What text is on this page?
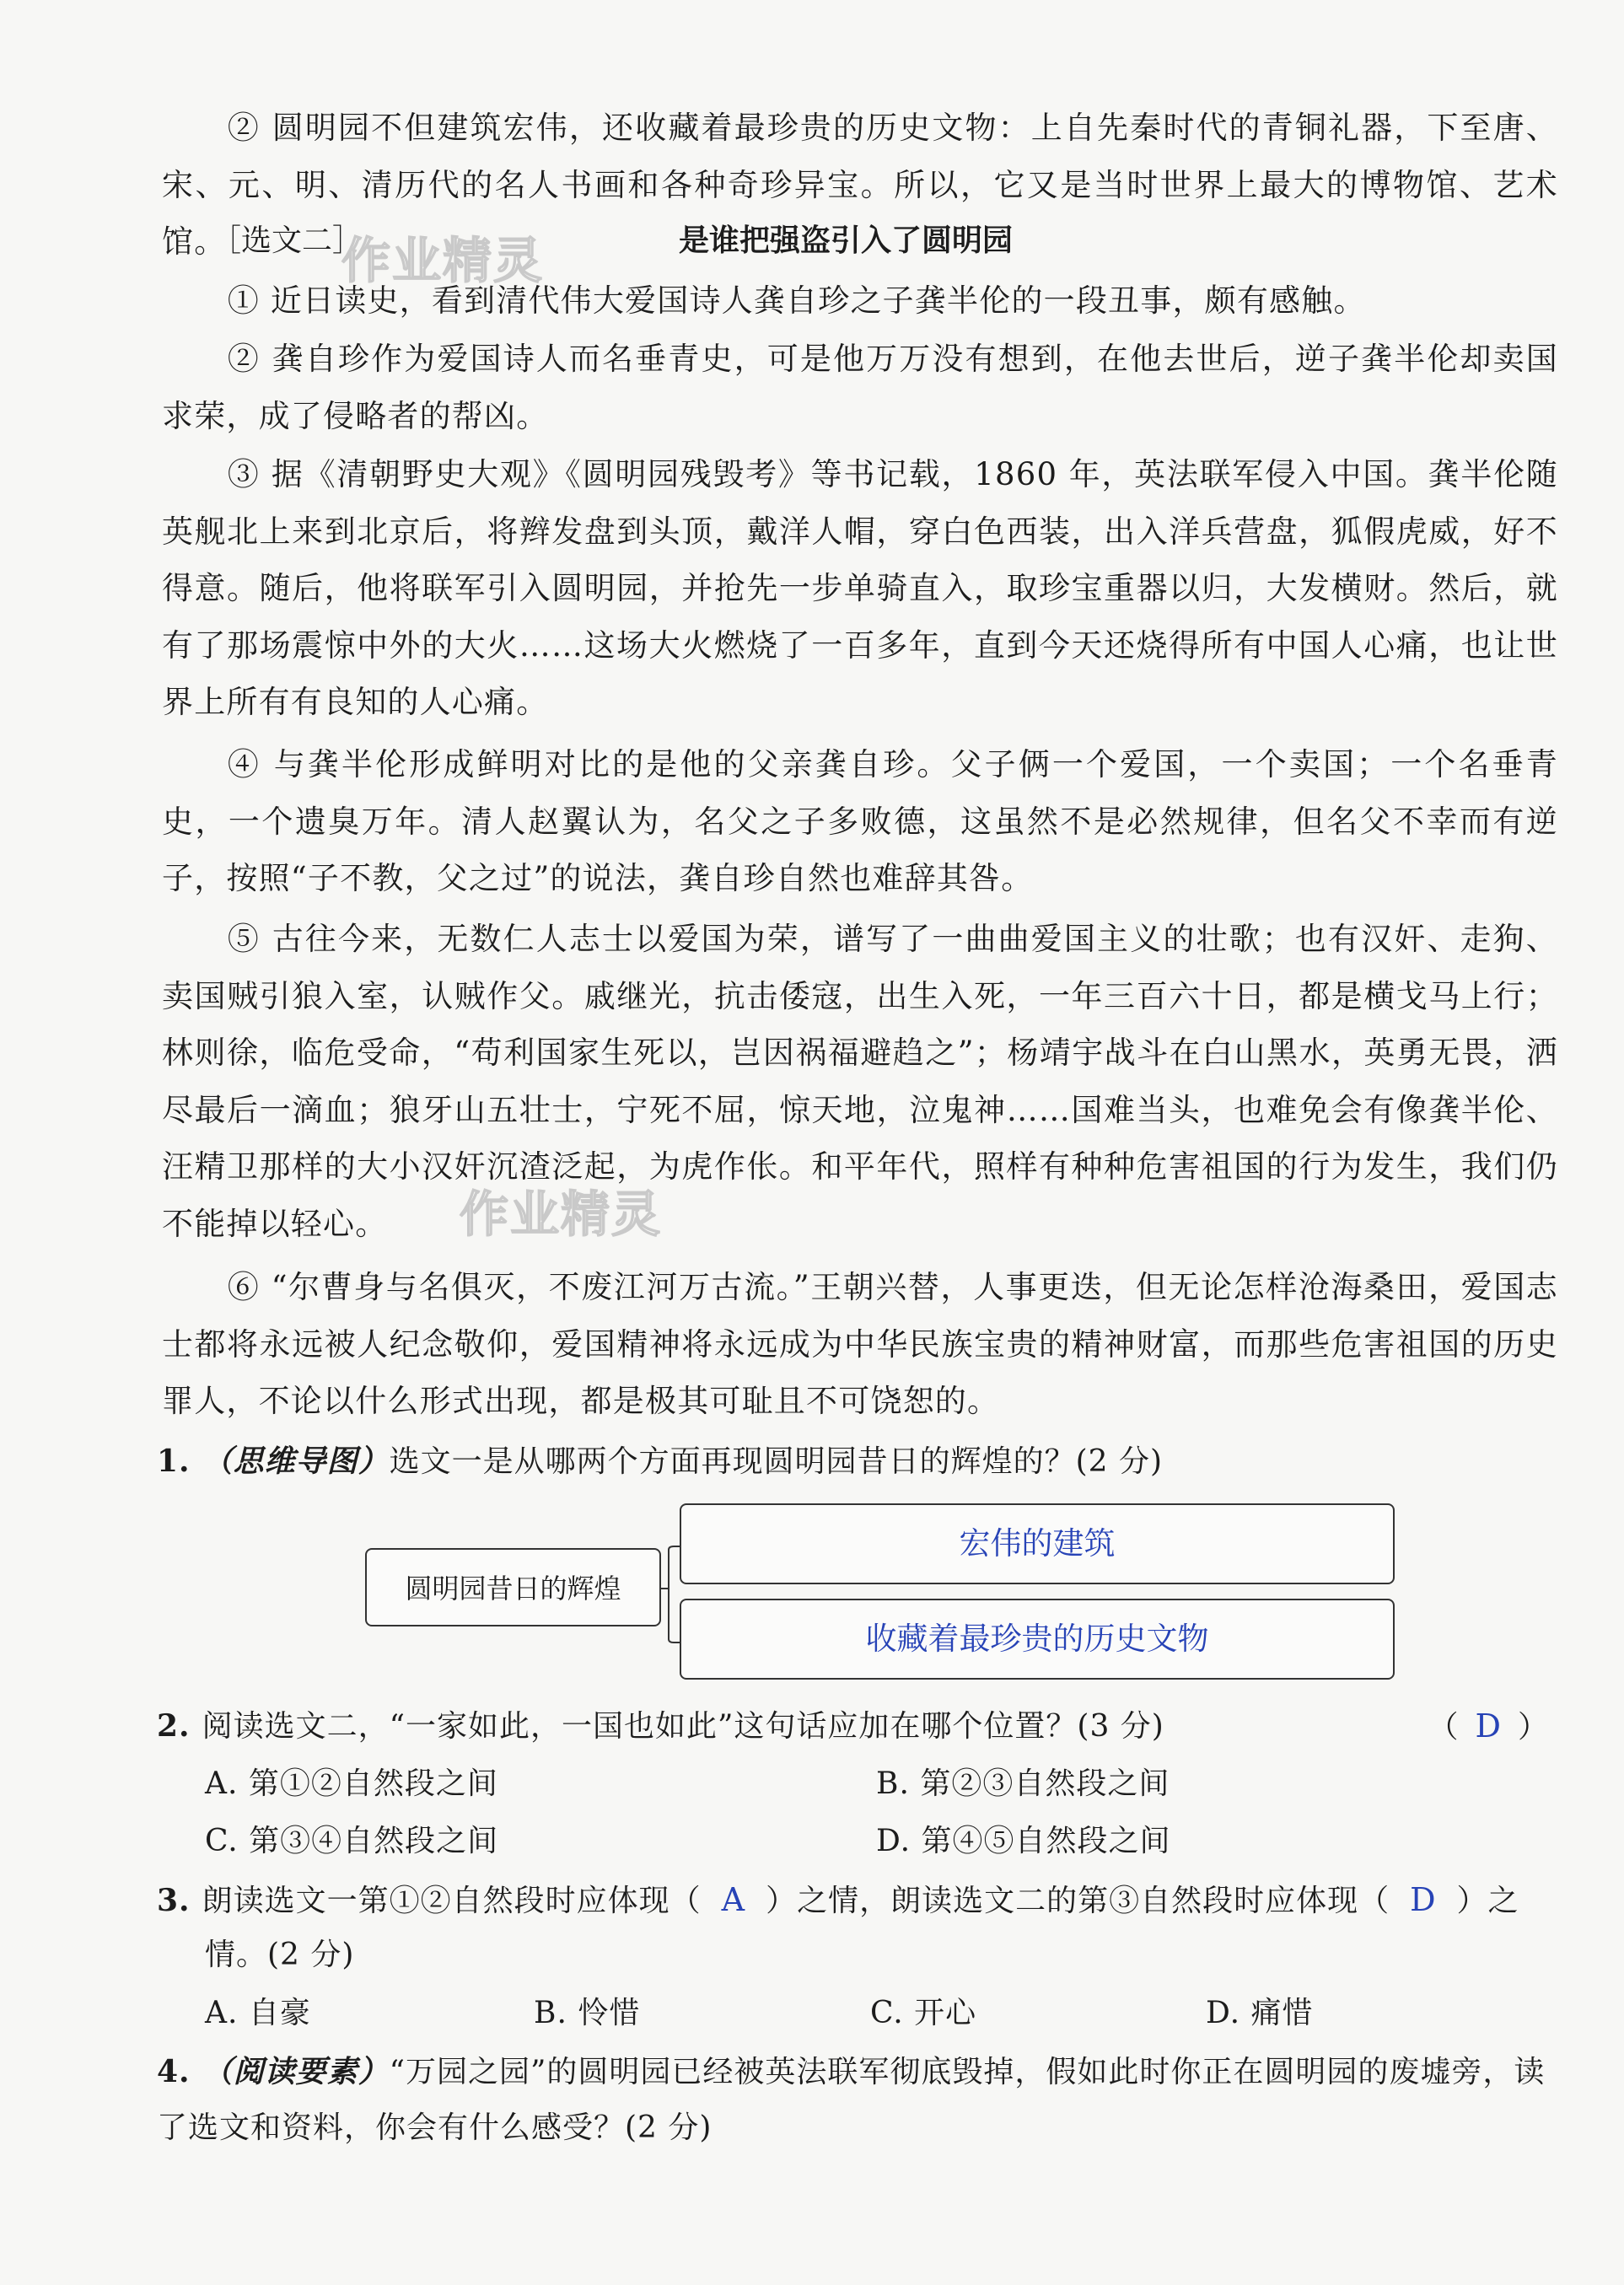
作业精灵
作业精灵

② 圆明园不但建筑宏伟，还收藏着最珍贵的历史文物：上自先秦时代的青铜礼器，下至唐、宋、元、明、清历代的名人书画和各种奇珍异宝。所以，它又是当时世界上最大的博物馆、艺术馆。

［选文二］	是谁把强盗引入了圆明园

① 近日读史，看到清代伟大爱国诗人龚自珍之子龚半伦的一段丑事，颇有感触。

② 龚自珍作为爱国诗人而名垂青史，可是他万万没有想到，在他去世后，逆子龚半伦却卖国求荣，成了侵略者的帮凶。

③ 据《清朝野史大观》《圆明园残毁考》等书记载，1860 年，英法联军侵入中国。龚半伦随英舰北上来到北京后，将辫发盘到头顶，戴洋人帽，穿白色西装，出入洋兵营盘，狐假虎威，好不得意。随后，他将联军引入圆明园，并抢先一步单骑直入，取珍宝重器以归，大发横财。然后，就有了那场震惊中外的大火……这场大火燃烧了一百多年，直到今天还烧得所有中国人心痛，也让世界上所有有良知的人心痛。

④ 与龚半伦形成鲜明对比的是他的父亲龚自珍。父子俩一个爱国，一个卖国；一个名垂青史，一个遗臭万年。清人赵翼认为，名父之子多败德，这虽然不是必然规律，但名父不幸而有逆子，按照“子不教，父之过”的说法，龚自珍自然也难辞其咎。

⑤ 古往今来，无数仁人志士以爱国为荣，谱写了一曲曲爱国主义的壮歌；也有汉奸、走狗、卖国贼引狼入室，认贼作父。戚继光，抗击倭寇，出生入死，一年三百六十日，都是横戈马上行；林则徐，临危受命，“苟利国家生死以，岂因祸福避趋之”；杨靖宇战斗在白山黑水，英勇无畏，洒尽最后一滴血；狼牙山五壮士，宁死不屈，惊天地，泣鬼神……国难当头，也难免会有像龚半伦、汪精卫那样的大小汉奸沉渣泛起，为虎作伥。和平年代，照样有种种危害祖国的行为发生，我们仍不能掉以轻心。

⑥ “尔曹身与名俱灭，不废江河万古流。”王朝兴替，人事更迭，但无论怎样沧海桑田，爱国志士都将永远被人纪念敬仰，爱国精神将永远成为中华民族宝贵的精神财富，而那些危害祖国的历史罪人，不论以什么形式出现，都是极其可耻且不可饶恕的。

1. （思维导图）选文一是从哪两个方面再现圆明园昔日的辉煌的？(2 分)

圆明园昔日的辉煌
宏伟的建筑
收藏着最珍贵的历史文物

2. 阅读选文二，“一家如此，一国也如此”这句话应加在哪个位置？(3 分)	（ D ）
A. 第①②自然段之间	B. 第②③自然段之间
C. 第③④自然段之间	D. 第④⑤自然段之间

3. 朗读选文一第①②自然段时应体现（ A ）之情，朗读选文二的第③自然段时应体现（ D ）之

情。(2 分)

A. 自豪	B. 怜惜	C. 开心	D. 痛惜

4. （阅读要素）“万园之园”的圆明园已经被英法联军彻底毁掉，假如此时你正在圆明园的废墟旁，读了选文和资料，你会有什么感受？(2 分)
